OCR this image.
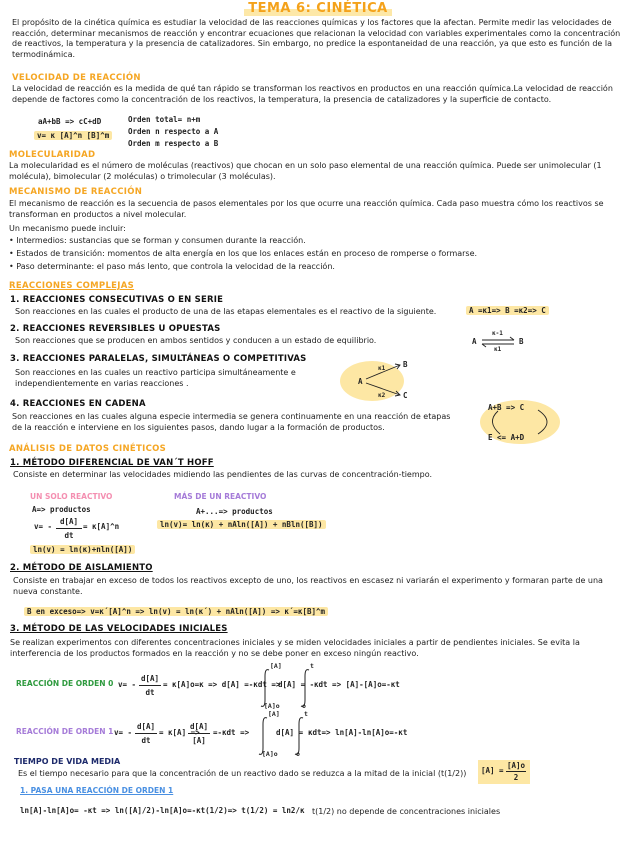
TEMA 6: CINÉTICA

El propósito de la cinética química es estudiar la velocidad de las reacciones químicas y los factores que la afectan. Permite medir las velocidades de reacción, determinar mecanismos de reacción y encontrar ecuaciones que relacionan la velocidad con variables experimentales como la concentración de reactivos, la temperatura y la presencia de catalizadores. Sin embargo, no predice la espontaneidad de una reacción, ya que esto es función de la termodinámica.

VELOCIDAD DE REACCIÓN

La velocidad de reacción es la medida de qué tan rápido se transforman los reactivos en productos en una reacción química.La velocidad de reacción depende de factores como la concentración de los reactivos, la temperatura, la presencia de catalizadores y la superficie de contacto.

aA+bB => cC+dD
v= κ [A]^n [B]^m
Orden total= n+m
Orden n respecto a A
Orden m respecto a B
MOLECULARIDAD

La molecularidad es el número de moléculas (reactivos) que chocan en un solo paso elemental de una reacción química. Puede ser unimolecular (1 molécula), bimolecular (2 moléculas) o trimolecular (3 moléculas).

MECANISMO DE REACCIÓN

El mecanismo de reacción es la secuencia de pasos elementales por los que ocurre una reacción química. Cada paso muestra cómo los reactivos se transforman en productos a nivel molecular.

Un mecanismo puede incluir:

• Intermedios: sustancias que se forman y consumen durante la reacción.

• Estados de transición: momentos de alta energía en los que los enlaces están en proceso de romperse o formarse.

• Paso determinante: el paso más lento, que controla la velocidad de la reacción.

REACCIONES COMPLEJAS
1. REACCIONES CONSECUTIVAS O EN SERIE

Son reacciones en las cuales el producto de una de las etapas elementales es el reactivo de la siguiente.	A =κ1=> B =κ2=> C
2. REACCIONES REVERSIBLES U OPUESTAS

Son reacciones que se producen en ambos sentidos y conducen a un estado de equilibrio.	A
κ-1
κ1
B
3. REACCIONES PARALELAS, SIMULTÁNEAS O COMPETITIVAS

Son reacciones en las cuales un reactivo participa simultáneamente e independientemente en varias reacciones .	A
B
C
κ1
κ2
4. REACCIONES EN CADENA

Son reacciones en las cuales alguna especie intermedia se genera continuamente en una reacción de etapas de la reacción e interviene en los siguientes pasos, dando lugar a la formación de productos.

A+B => C
E <= A+D
ANÁLISIS DE DATOS CINÉTICOS
1. MÉTODO DIFERENCIAL DE VAN´T HOFF

Consiste en determinar las velocidades midiendo las pendientes de las curvas de concentración-tiempo.

UN SOLO REACTIVO	MÁS DE UN REACTIVO
A=> productos	A+...=> productos
v= -
d[A]
dt
= κ[A]^n
ln(v) = ln(κ)+nln([A])
ln(v)= ln(κ) + nAln([A]) + nBln([B])
2. MÉTODO DE AISLAMIENTO

Consiste en trabajar en exceso de todos los reactivos excepto de uno, los reactivos en escasez ni variarán el experimento y formaran parte de una nueva constante.

B en exceso=> v=κ´[A]^n => ln(v) = ln(κ´) + nAln([A]) => κ´=κ[B]^m
3. MÉTODO DE LAS VELOCIDADES INICIALES

Se realizan experimentos con diferentes concentraciones iniciales y se miden velocidades iniciales a partir de pendientes iniciales. Se evita la interferencia de los productos formados en la reacción y no se debe poner en exceso ningún reactivo.

REACCIÓN DE ORDEN 0 v= -
d[A]
dt
= κ[A]o=κ => d[A] =-κdt =>
[A]
[A]o
d[A] = -
t
o
κdt => [A]-[A]o=-κt
REACCIÓN DE ORDEN 1 v= -
d[A]
dt
= κ[A] =>
d[A]
[A]
=-κdt =>
[A]
[A]o
d[A] = -
t
o
κdt=> ln[A]-ln[A]o=-κt
TIEMPO DE VIDA MEDIA

Es el tiempo necesario para que la concentración de un reactivo dado se reduzca a la mitad de la inicial (t(1/2))	[A] =
[A]o
2
1. PASA UNA REACCIÓN DE ORDEN 1
ln[A]-ln[A]o= -κt => ln([A]/2)-ln[A]o=-κt(1/2)=> t(1/2) = ln2/κ t(1/2) no depende de concentraciones iniciales
